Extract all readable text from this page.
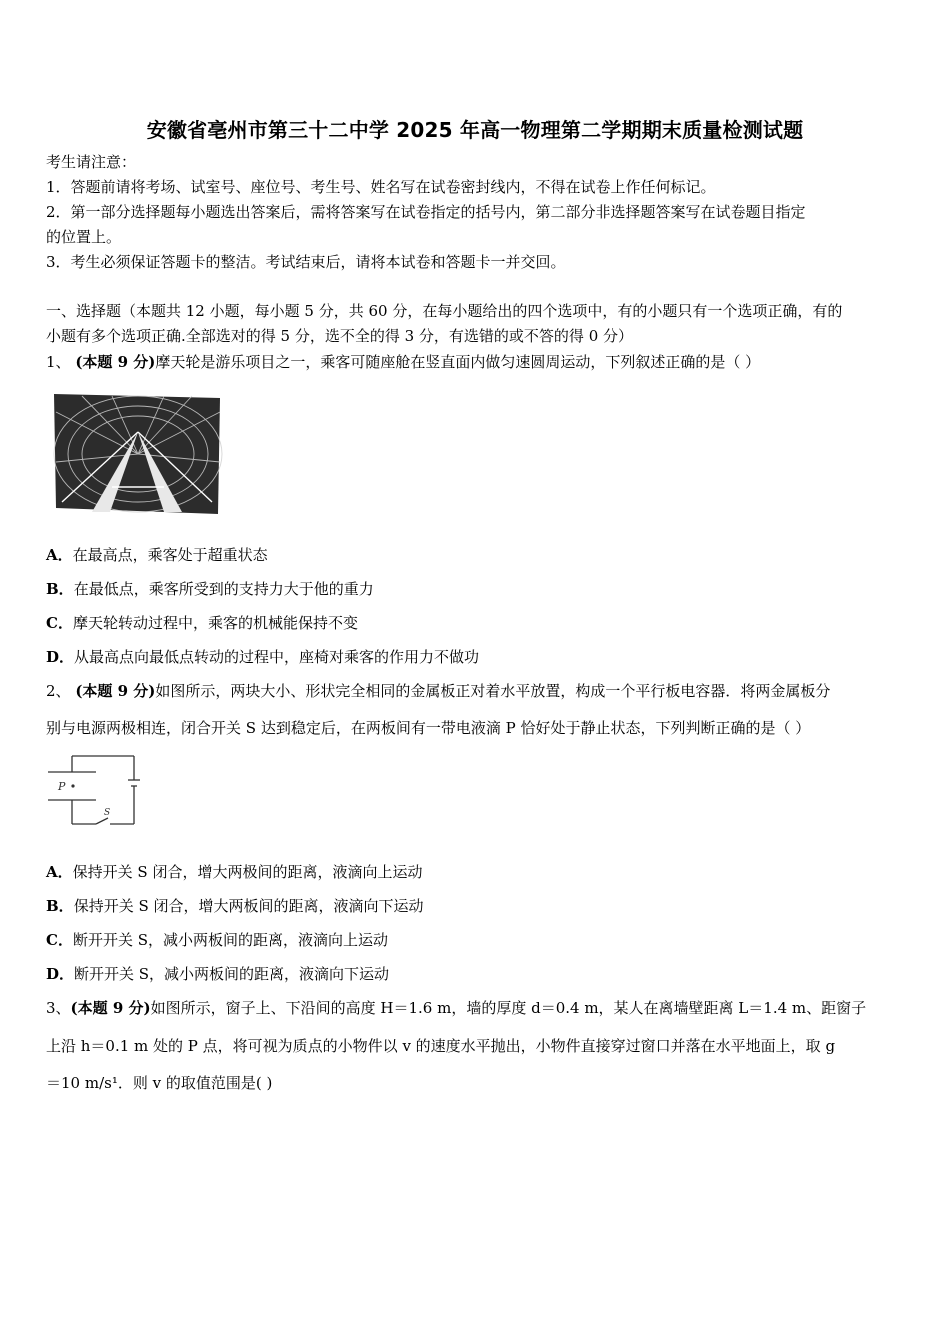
安徽省亳州市第三十二中学 2025 年高一物理第二学期期末质量检测试题
考生请注意：
1．答题前请将考场、试室号、座位号、考生号、姓名写在试卷密封线内，不得在试卷上作任何标记。
2．第一部分选择题每小题选出答案后，需将答案写在试卷指定的括号内，第二部分非选择题答案写在试卷题目指定
的位置上。
3．考生必须保证答题卡的整洁。考试结束后，请将本试卷和答题卡一并交回。
一、选择题（本题共 12 小题，每小题 5 分，共 60 分，在每小题给出的四个选项中，有的小题只有一个选项正确，有的
小题有多个选项正确.全部选对的得 5 分，选不全的得 3 分，有选错的或不答的得 0 分）
1、 (本题 9 分)摩天轮是游乐项目之一，乘客可随座舱在竖直面内做匀速圆周运动，下列叙述正确的是（ ）
A．在最高点，乘客处于超重状态
B．在最低点，乘客所受到的支持力大于他的重力
C．摩天轮转动过程中，乘客的机械能保持不变
D．从最高点向最低点转动的过程中，座椅对乘客的作用力不做功
2、 (本题 9 分)如图所示，两块大小、形状完全相同的金属板正对着水平放置，构成一个平行板电容器．将两金属板分
别与电源两极相连，闭合开关 S 达到稳定后，在两板间有一带电液滴 P 恰好处于静止状态，下列判断正确的是（ ）
P
S
A．保持开关 S 闭合，增大两极间的距离，液滴向上运动
B．保持开关 S 闭合，增大两板间的距离，液滴向下运动
C．断开开关 S，减小两板间的距离，液滴向上运动
D．断开开关 S，减小两板间的距离，液滴向下运动
3、(本题 9 分)如图所示，窗子上、下沿间的高度 H＝1.6 m，墙的厚度 d＝0.4 m，某人在离墙壁距离 L＝1.4 m、距窗子
上沿 h＝0.1 m 处的 P 点，将可视为质点的小物件以 v 的速度水平抛出，小物件直接穿过窗口并落在水平地面上，取 g
＝10 m/s¹．则 v 的取值范围是( )
